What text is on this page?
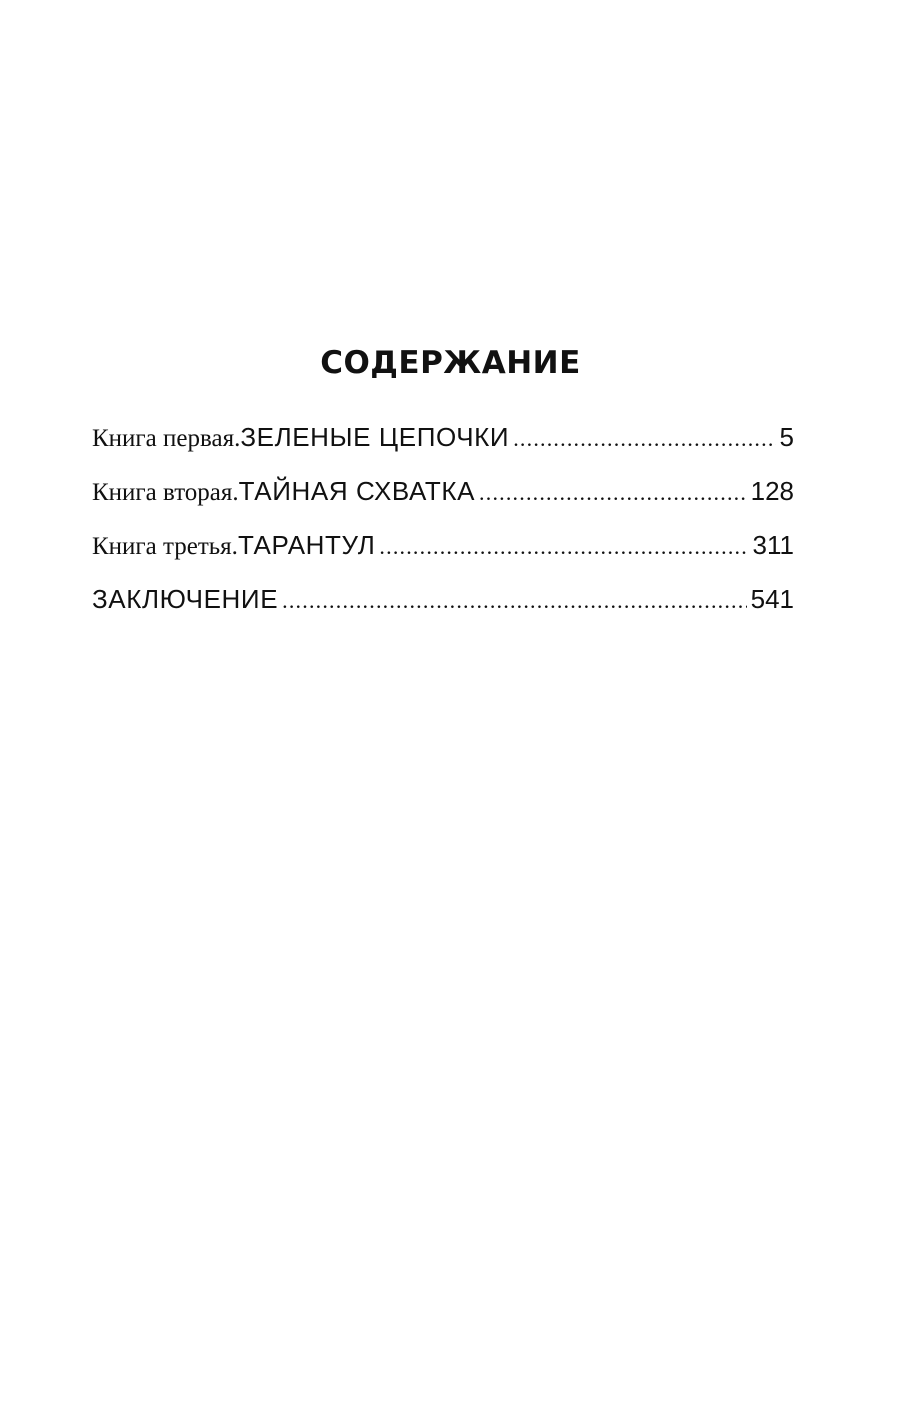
СОДЕРЖАНИЕ
Книга первая. ЗЕЛЕНЫЕ ЦЕПОЧКИ .....	5
Книга вторая. ТАЙНАЯ СХВАТКА .....	128
Книга третья. ТАРАНТУЛ .....	311
ЗАКЛЮЧЕНИЕ .....	541
